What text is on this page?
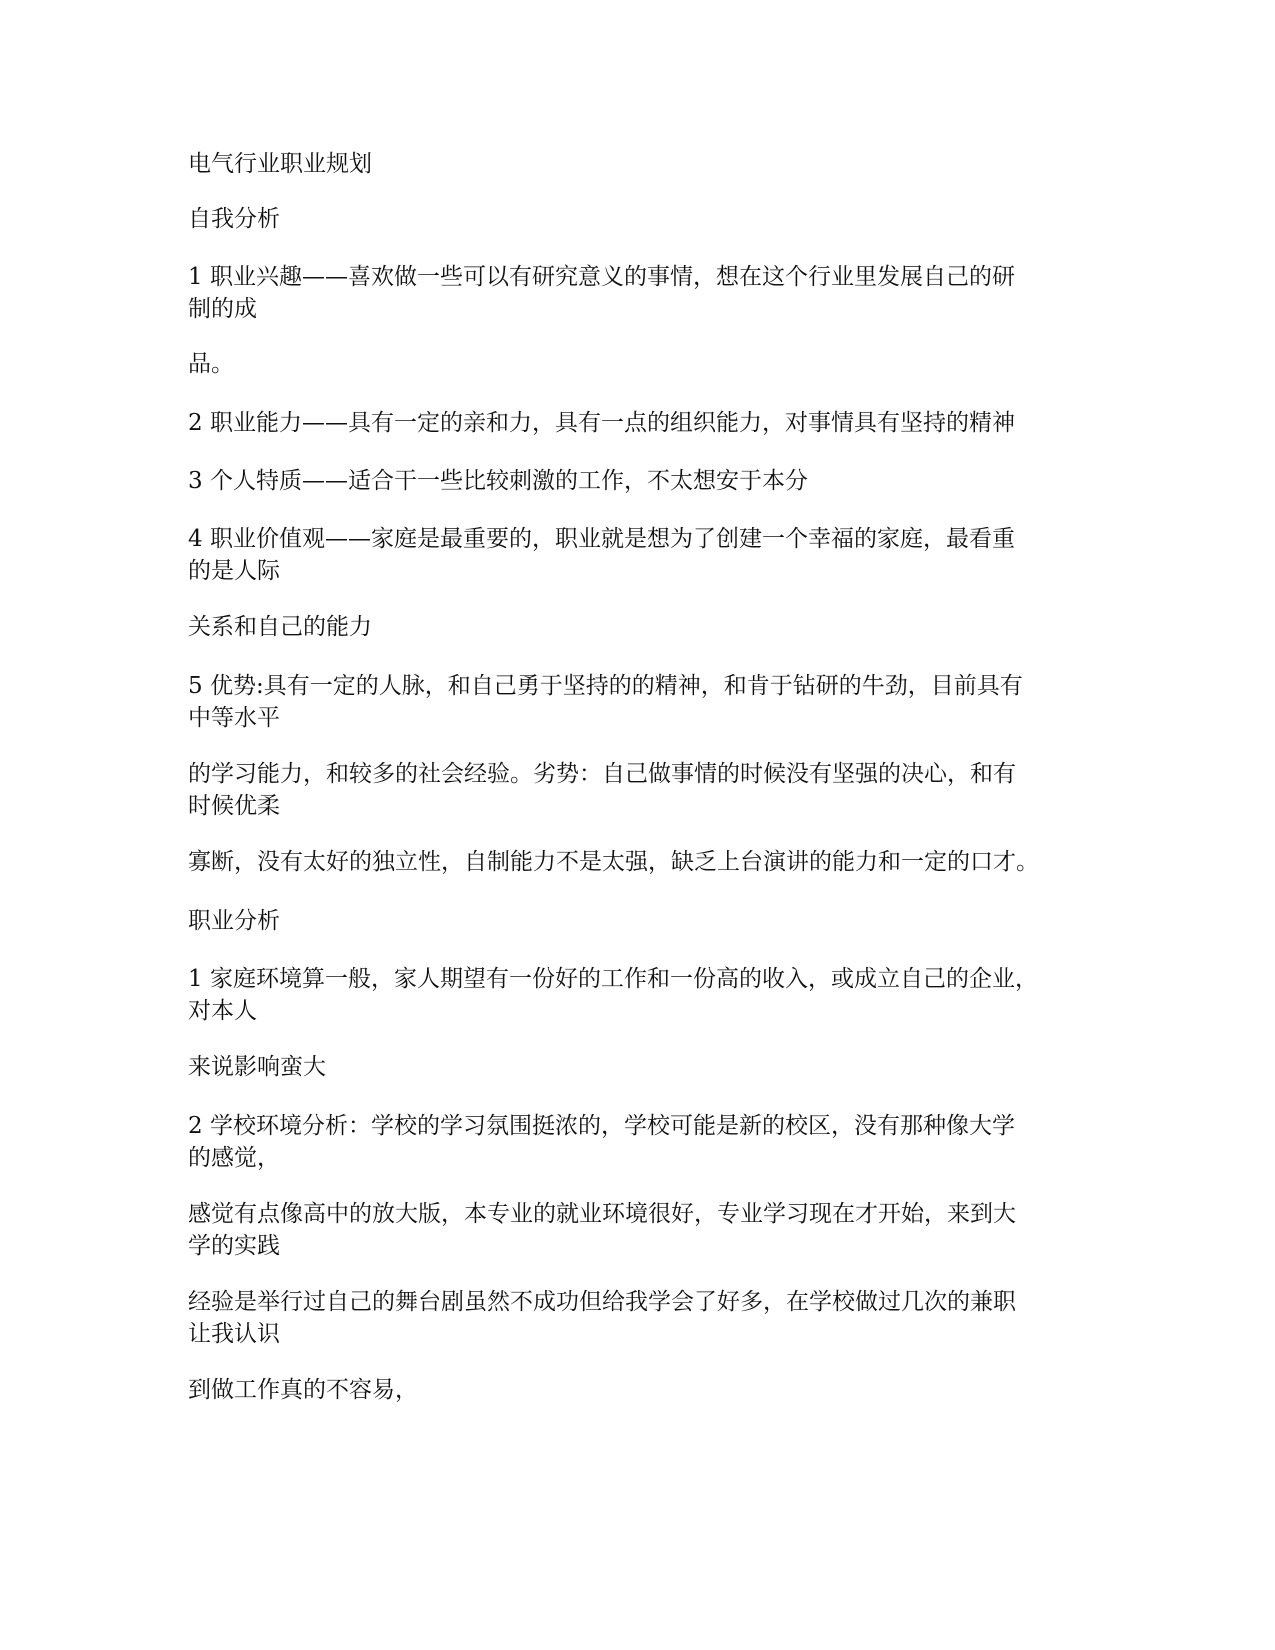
电气行业职业规划
自我分析
1 职业兴趣——喜欢做一些可以有研究意义的事情，想在这个行业里发展自己的研
制的成
品。
2 职业能力——具有一定的亲和力，具有一点的组织能力，对事情具有坚持的精神
3 个人特质——适合干一些比较刺激的工作，不太想安于本分
4 职业价值观——家庭是最重要的，职业就是想为了创建一个幸福的家庭，最看重
的是人际
关系和自己的能力
5 优势:具有一定的人脉，和自己勇于坚持的的精神，和肯于钻研的牛劲，目前具有
中等水平
的学习能力，和较多的社会经验。劣势：自己做事情的时候没有坚强的决心，和有
时候优柔
寡断，没有太好的独立性，自制能力不是太强，缺乏上台演讲的能力和一定的口才。
职业分析
1 家庭环境算一般，家人期望有一份好的工作和一份高的收入，或成立自己的企业，
对本人
来说影响蛮大
2 学校环境分析：学校的学习氛围挺浓的，学校可能是新的校区，没有那种像大学
的感觉，
感觉有点像高中的放大版，本专业的就业环境很好，专业学习现在才开始，来到大
学的实践
经验是举行过自己的舞台剧虽然不成功但给我学会了好多，在学校做过几次的兼职
让我认识
到做工作真的不容易，
